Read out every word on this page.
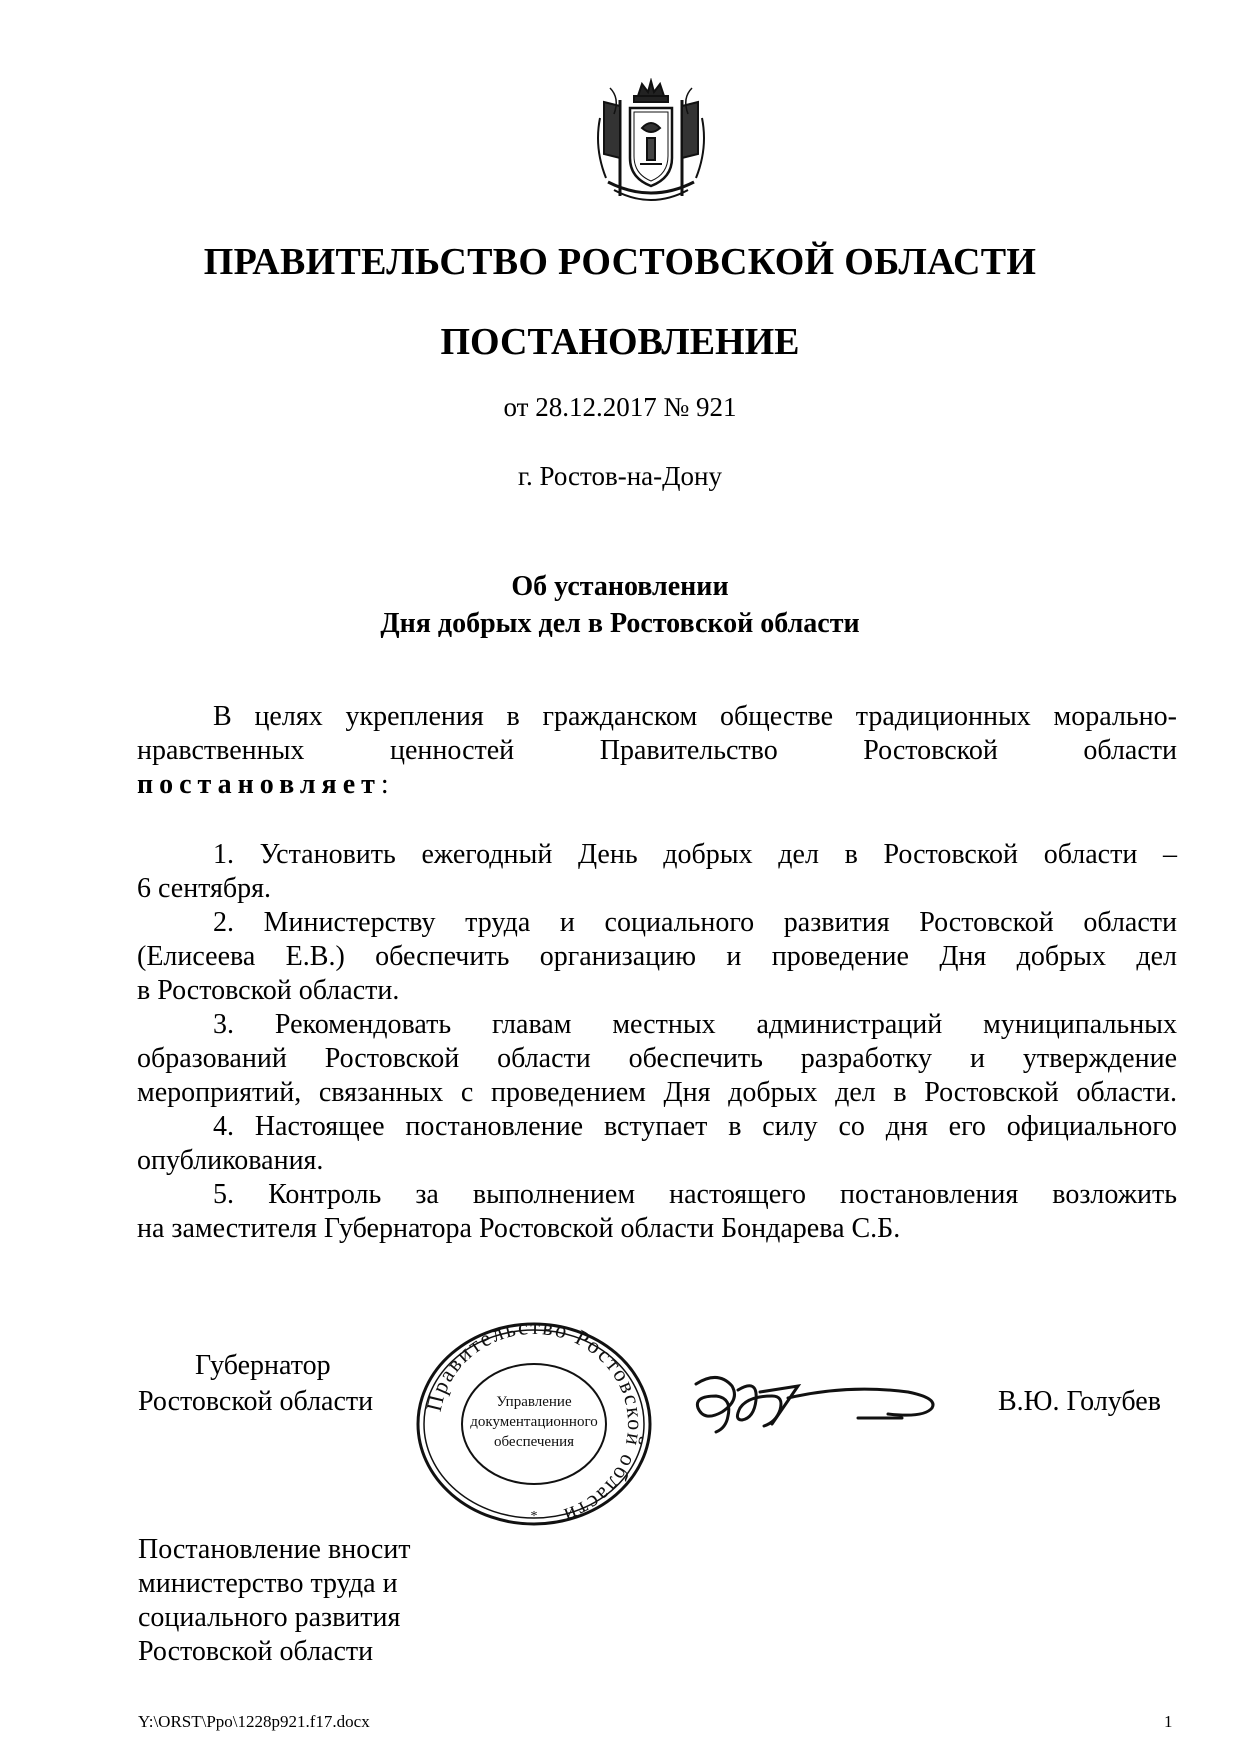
ПРАВИТЕЛЬСТВО РОСТОВСКОЙ ОБЛАСТИ
ПОСТАНОВЛЕНИЕ
от 28.12.2017 № 921
г. Ростов-на-Дону
Об установлении
Дня добрых дел в Ростовской области
В целях укрепления в гражданском обществе традиционных морально-
нравственных ценностей Правительство Ростовской области
постановляет:
1. Установить ежегодный День добрых дел в Ростовской области –
6 сентября.
2. Министерству труда и социального развития Ростовской области
(Елисеева Е.В.) обеспечить организацию и проведение Дня добрых дел
в Ростовской области.
3. Рекомендовать главам местных администраций муниципальных
образований Ростовской области обеспечить разработку и утверждение
мероприятий, связанных с проведением Дня добрых дел в Ростовской области.
4. Настоящее постановление вступает в силу со дня его официального
опубликования.
5. Контроль за выполнением настоящего постановления возложить
на заместителя Губернатора Ростовской области Бондарева С.Б.
Губернатор
Ростовской области	В.Ю. Голубев
Правительство Ростовской области
Управление
документационного
обеспечения
*
Постановление вносит
министерство труда и
социального развития
Ростовской области
Y:\ORST\Ppo\1228p921.f17.docx	1
